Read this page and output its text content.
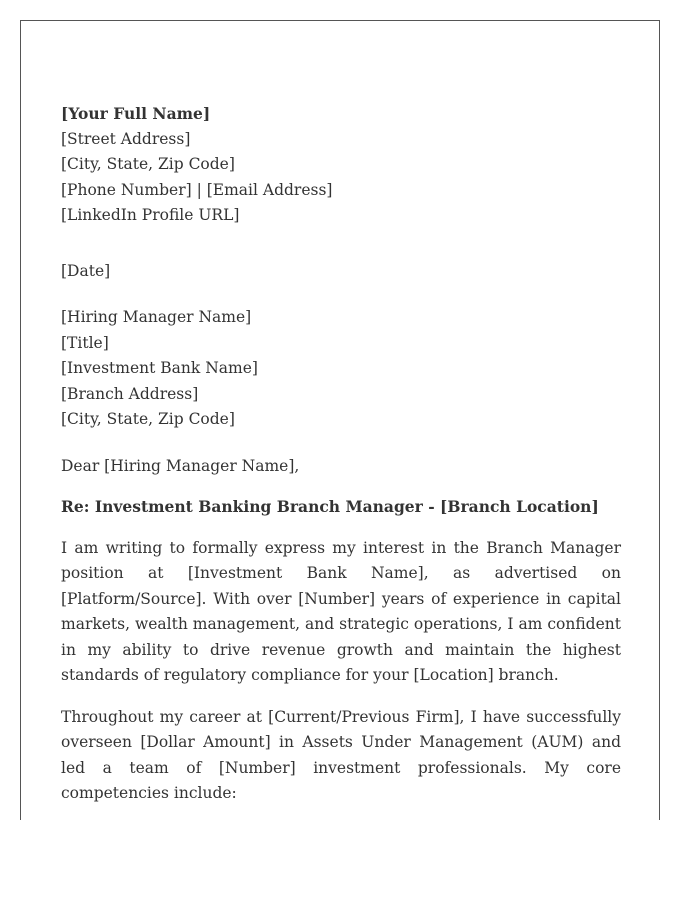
[Your Full Name]
[Street Address]
[City, State, Zip Code]
[Phone Number] | [Email Address]
[LinkedIn Profile URL]
[Date]
[Hiring Manager Name]
[Title]
[Investment Bank Name]
[Branch Address]
[City, State, Zip Code]
Dear [Hiring Manager Name],
Re: Investment Banking Branch Manager - [Branch Location]

I am writing to formally express my interest in the Branch Manager position at [Investment Bank Name], as advertised on [Platform/Source]. With over [Number] years of experience in capital markets, wealth management, and strategic operations, I am confident in my ability to drive revenue growth and maintain the highest standards of regulatory compliance for your [Location] branch.

Throughout my career at [Current/Previous Firm], I have successfully overseen [Dollar Amount] in Assets Under Management (AUM) and led a team of [Number] investment professionals. My core competencies include:
